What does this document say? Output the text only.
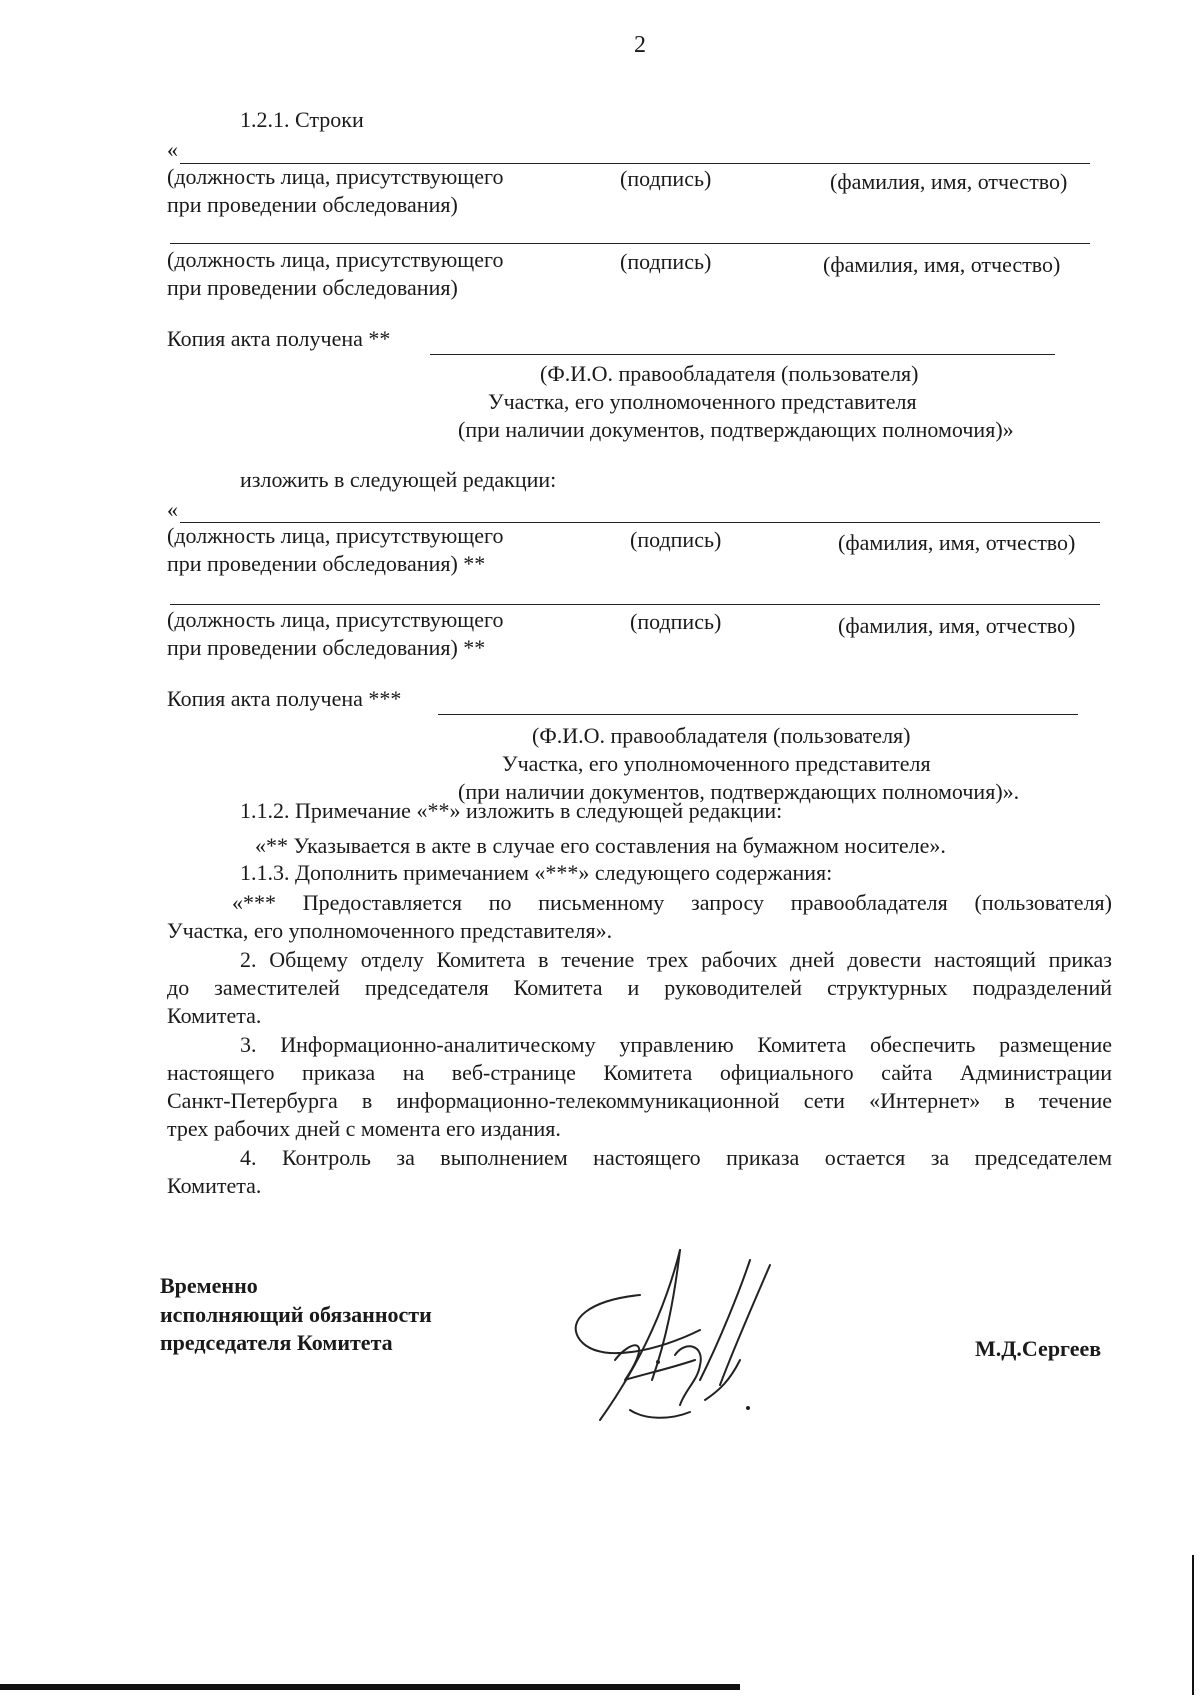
2
1.2.1. Строки
«
(должность лица, присутствующего
при проведении обследования)
(подпись)	(фамилия, имя, отчество)
(должность лица, присутствующего
при проведении обследования)
(подпись)	(фамилия, имя, отчество)
Копия акта получена **
(Ф.И.О. правообладателя (пользователя)
Участка, его уполномоченного представителя
(при наличии документов, подтверждающих полномочия)»
изложить в следующей редакции:
«
(должность лица, присутствующего
при проведении обследования) **
(подпись)	(фамилия, имя, отчество)
(должность лица, присутствующего
при проведении обследования) **
(подпись)	(фамилия, имя, отчество)
Копия акта получена ***
(Ф.И.О. правообладателя (пользователя)
Участка, его уполномоченного представителя
(при наличии документов, подтверждающих полномочия)».
1.1.2. Примечание «**» изложить в следующей редакции:
«** Указывается в акте в случае его составления на бумажном носителе».
1.1.3. Дополнить примечанием «***» следующего содержания:
«*** Предоставляется по письменному запросу правообладателя (пользователя)
Участка, его уполномоченного представителя».
2. Общему отделу Комитета в течение трех рабочих дней довести настоящий приказ
до заместителей председателя Комитета и руководителей структурных подразделений
Комитета.
3. Информационно-аналитическому управлению Комитета обеспечить размещение
настоящего приказа на веб-странице Комитета официального сайта Администрации
Санкт-Петербурга в информационно-телекоммуникационной сети «Интернет» в течение
трех рабочих дней с момента его издания.
4. Контроль за выполнением настоящего приказа остается за председателем
Комитета.
Временно
исполняющий обязанности
председателя Комитета	М.Д.Сергеев
